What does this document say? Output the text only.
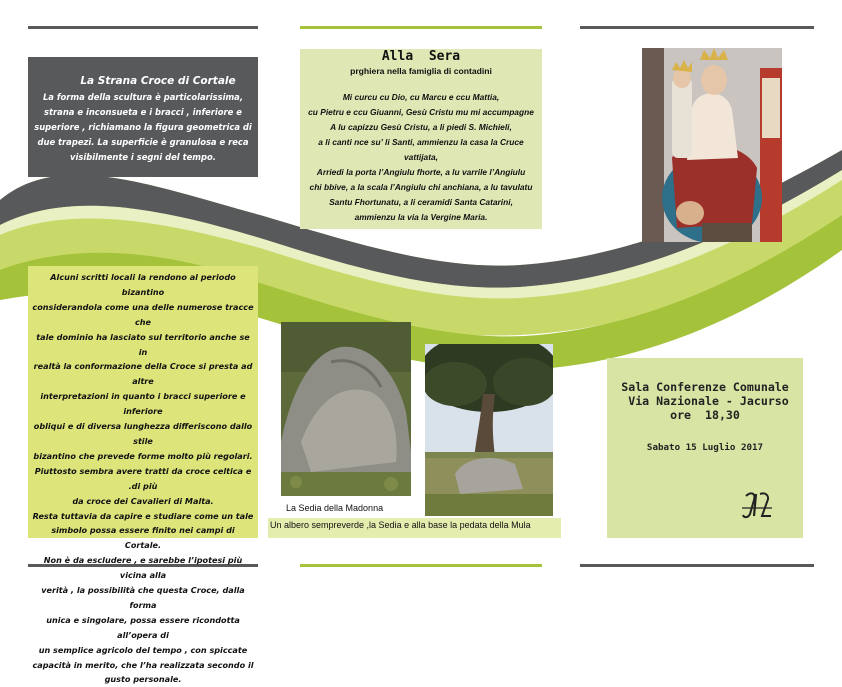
La Strana Croce di Cortale
La forma della scultura è particolarissima, strana e inconsueta e i bracci , inferiore e superiore , richiamano la figura geometrica di due trapezi. La superficie è granulosa e reca visibilmente i segni del tempo.
Alcuni scritti locali la rendono al periodo bizantino
considerandola come una delle numerose tracce che
tale dominio ha lasciato sul territorio anche se in
realtà la conformazione della Croce si presta ad altre
interpretazioni in quanto i bracci superiore e inferiore
obliqui e di diversa lunghezza differiscono dallo stile
bizantino che prevede forme molto più regolari.
Piuttosto sembra avere tratti da croce celtica e .di più
da croce dei Cavalieri di Malta.
Resta tuttavia da capire e studiare come un tale
simbolo possa essere finito nei campi di Cortale.
Non è da escludere , e sarebbe l’ipotesi più vicina alla
verità , la possibilità che questa Croce, dalla forma
unica e singolare, possa essere ricondotta all’opera di
un semplice agricolo del tempo , con spiccate
capacità in merito, che l’ha realizzata secondo il
gusto personale.
Alla  Sera
prghiera nella famiglia di contadini
Mi curcu cu Dio, cu Marcu e ccu Mattia,
cu Pietru e ccu Giuanni, Gesù Cristu mu mi accumpagne
A lu capizzu Gesù Cristu, a li piedi S. Michieli,
a li canti nce su’ li Santi, ammienzu la casa la Cruce
vattijata,
Arriedi la porta l’Angiulu fhorte, a lu varrile l’Angiulu
chi bbive, a la scala l’Angiulu chi anchiana, a lu tavulatu
Santu Fhortunatu, a li ceramidi Santa Catarini,
ammienzu la via la Vergine Maria.
La Sedia della Madonna
Un albero sempreverde ,la Sedia e alla base la pedata della Mula
Sala Conferenze Comunale
Via Nazionale - Jacurso
ore  18,30
Sabato 15 Luglio 2017
